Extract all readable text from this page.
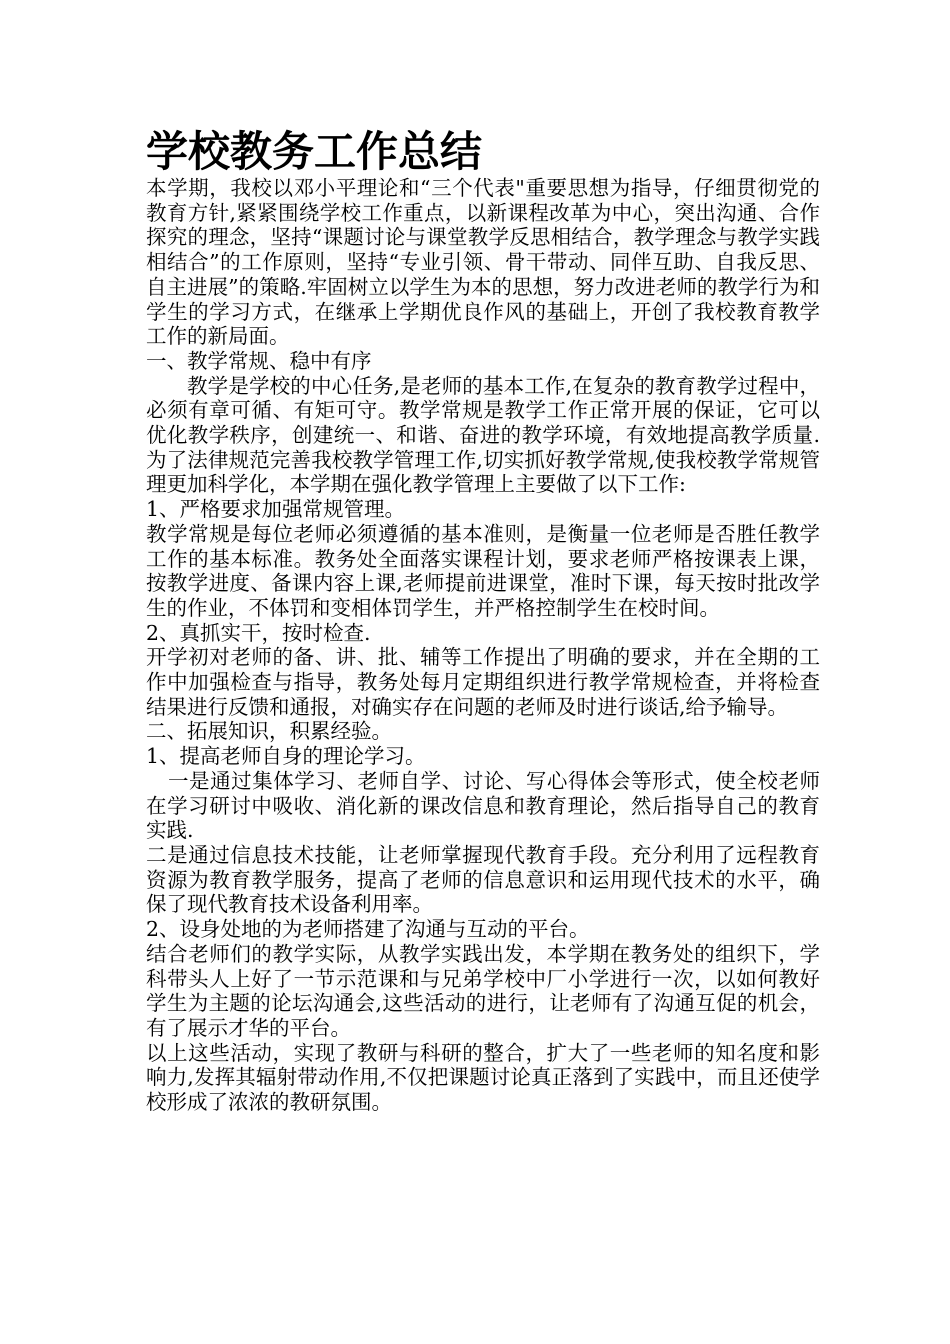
学校教务工作总结

本学期，我校以邓小平理论和“三个代表"重要思想为指导，仔细贯彻党的教育方针,紧紧围绕学校工作重点，以新课程改革为中心，突出沟通、合作探究的理念，坚持“课题讨论与课堂教学反思相结合，教学理念与教学实践相结合”的工作原则，坚持“专业引领、骨干带动、同伴互助、自我反思、自主进展”的策略.牢固树立以学生为本的思想，努力改进老师的教学行为和学生的学习方式，在继承上学期优良作风的基础上，开创了我校教育教学工作的新局面。

一、教学常规、稳中有序

教学是学校的中心任务,是老师的基本工作,在复杂的教育教学过程中，必须有章可循、有矩可守。教学常规是教学工作正常开展的保证，它可以优化教学秩序，创建统一、和谐、奋进的教学环境，有效地提高教学质量.为了法律规范完善我校教学管理工作,切实抓好教学常规,使我校教学常规管理更加科学化，本学期在强化教学管理上主要做了以下工作:

1、严格要求加强常规管理。

教学常规是每位老师必须遵循的基本准则，是衡量一位老师是否胜任教学工作的基本标准。教务处全面落实课程计划，要求老师严格按课表上课，按教学进度、备课内容上课,老师提前进课堂，准时下课，每天按时批改学生的作业，不体罚和变相体罚学生，并严格控制学生在校时间。

2、真抓实干，按时检查.

开学初对老师的备、讲、批、辅等工作提出了明确的要求，并在全期的工作中加强检查与指导，教务处每月定期组织进行教学常规检查，并将检查结果进行反馈和通报，对确实存在问题的老师及时进行谈话,给予输导。

二、拓展知识，积累经验。

1、提高老师自身的理论学习。

一是通过集体学习、老师自学、讨论、写心得体会等形式，使全校老师在学习研讨中吸收、消化新的课改信息和教育理论，然后指导自己的教育实践.

二是通过信息技术技能，让老师掌握现代教育手段。充分利用了远程教育资源为教育教学服务，提高了老师的信息意识和运用现代技术的水平，确保了现代教育技术设备利用率。

2、设身处地的为老师搭建了沟通与互动的平台。

结合老师们的教学实际，从教学实践出发，本学期在教务处的组织下，学科带头人上好了一节示范课和与兄弟学校中厂小学进行一次，以如何教好学生为主题的论坛沟通会,这些活动的进行，让老师有了沟通互促的机会，有了展示才华的平台。

以上这些活动，实现了教研与科研的整合，扩大了一些老师的知名度和影响力,发挥其辐射带动作用,不仅把课题讨论真正落到了实践中，而且还使学校形成了浓浓的教研氛围。
